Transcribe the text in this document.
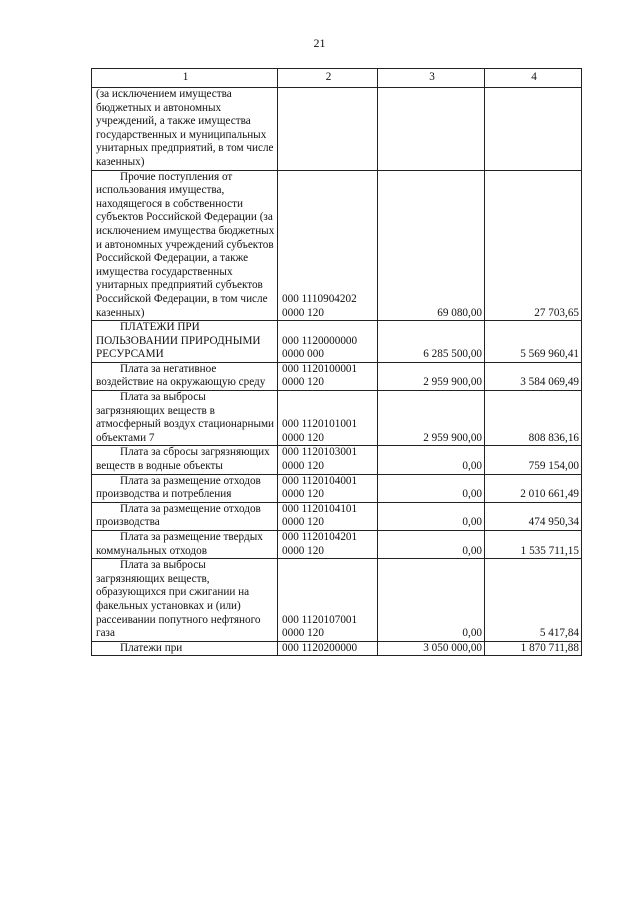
21
1	2	3	4
(за исключением имущества бюджетных и автономных учреждений, а также имущества государственных и муниципальных унитарных предприятий, в том числе казенных)			
Прочие поступления от использования имущества, находящегося в собственности субъектов Российской Федерации (за исключением имущества бюджетных и автономных учреждений субъектов Российской Федерации, а также имущества государственных унитарных предприятий субъектов Российской Федерации, в том числе казенных)	000 1110904202 0000 120	69 080,00	27 703,65
ПЛАТЕЖИ ПРИ ПОЛЬЗОВАНИИ ПРИРОДНЫМИ РЕСУРСАМИ	000 1120000000 0000 000	6 285 500,00	5 569 960,41
Плата за негативное воздействие на окружающую среду	000 1120100001 0000 120	2 959 900,00	3 584 069,49
Плата за выбросы загрязняющих веществ в атмосферный воздух стационарными объектами 7	000 1120101001 0000 120	2 959 900,00	808 836,16
Плата за сбросы загрязняющих веществ в водные объекты	000 1120103001 0000 120	0,00	759 154,00
Плата за размещение отходов производства и потребления	000 1120104001 0000 120	0,00	2 010 661,49
Плата за размещение отходов производства	000 1120104101 0000 120	0,00	474 950,34
Плата за размещение твердых коммунальных отходов	000 1120104201 0000 120	0,00	1 535 711,15
Плата за выбросы загрязняющих веществ, образующихся при сжигании на факельных установках и (или) рассеивании попутного нефтяного газа	000 1120107001 0000 120	0,00	5 417,84
Платежи при	000 1120200000	3 050 000,00	1 870 711,88
